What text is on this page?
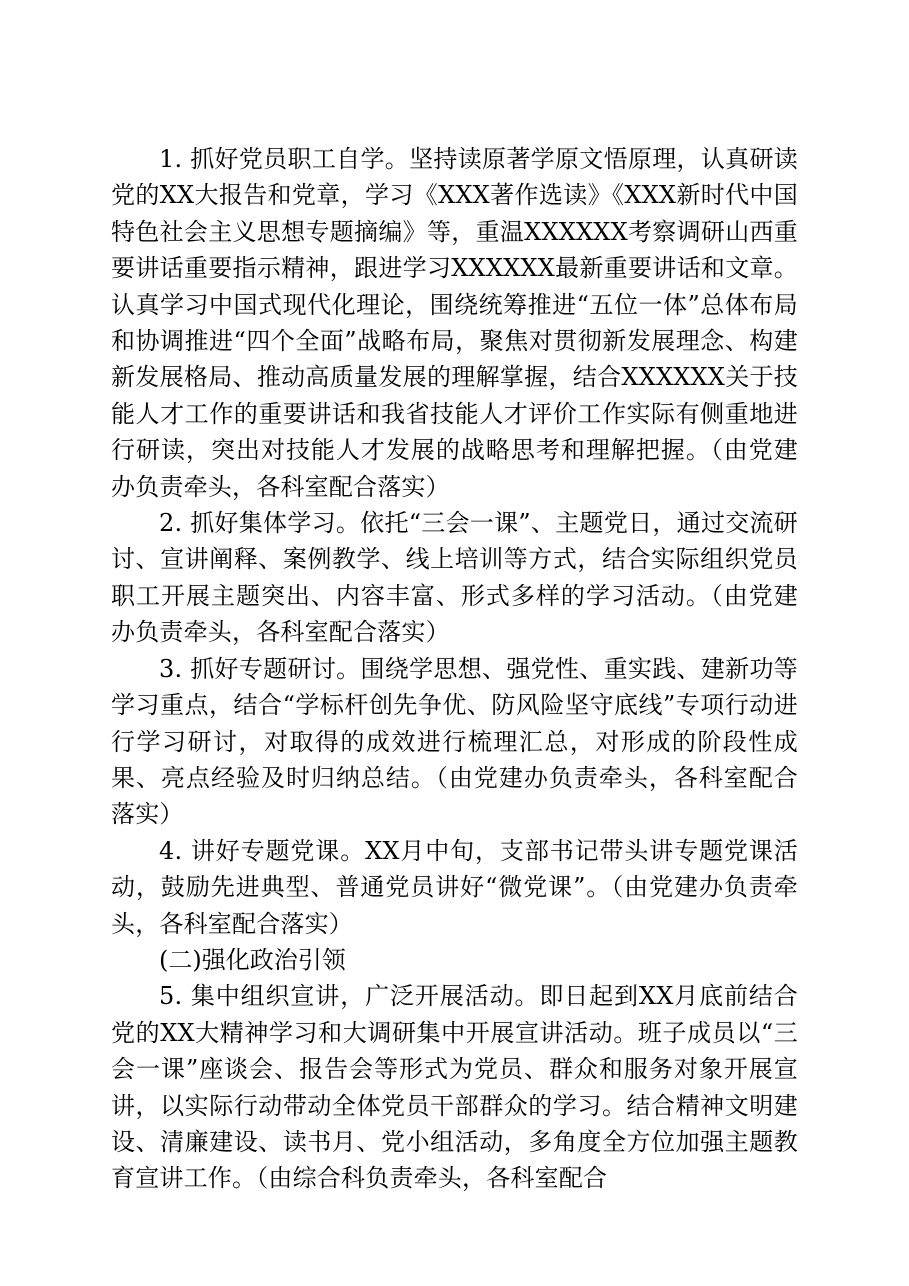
1. 抓好党员职工自学。坚持读原著学原文悟原理，认真研读党的XX大报告和党章，学习《XXX著作选读》《XXX新时代中国特色社会主义思想专题摘编》等，重温XXXXXX考察调研山西重要讲话重要指示精神，跟进学习XXXXXX最新重要讲话和文章。认真学习中国式现代化理论，围绕统筹推进“五位一体”总体布局和协调推进“四个全面”战略布局，聚焦对贯彻新发展理念、构建新发展格局、推动高质量发展的理解掌握，结合XXXXXX关于技能人才工作的重要讲话和我省技能人才评价工作实际有侧重地进行研读，突出对技能人才发展的战略思考和理解把握。（由党建办负责牵头，各科室配合落实）

2. 抓好集体学习。依托“三会一课”、主题党日，通过交流研讨、宣讲阐释、案例教学、线上培训等方式，结合实际组织党员职工开展主题突出、内容丰富、形式多样的学习活动。（由党建办负责牵头，各科室配合落实）

3. 抓好专题研讨。围绕学思想、强党性、重实践、建新功等学习重点，结合“学标杆创先争优、防风险坚守底线”专项行动进行学习研讨，对取得的成效进行梳理汇总，对形成的阶段性成果、亮点经验及时归纳总结。（由党建办负责牵头，各科室配合落实）

4. 讲好专题党课。XX月中旬，支部书记带头讲专题党课活动，鼓励先进典型、普通党员讲好“微党课”。（由党建办负责牵头，各科室配合落实）

(二)强化政治引领

5. 集中组织宣讲，广泛开展活动。即日起到XX月底前结合党的XX大精神学习和大调研集中开展宣讲活动。班子成员以“三会一课”座谈会、报告会等形式为党员、群众和服务对象开展宣讲，以实际行动带动全体党员干部群众的学习。结合精神文明建设、清廉建设、读书月、党小组活动，多角度全方位加强主题教育宣讲工作。（由综合科负责牵头，各科室配合
